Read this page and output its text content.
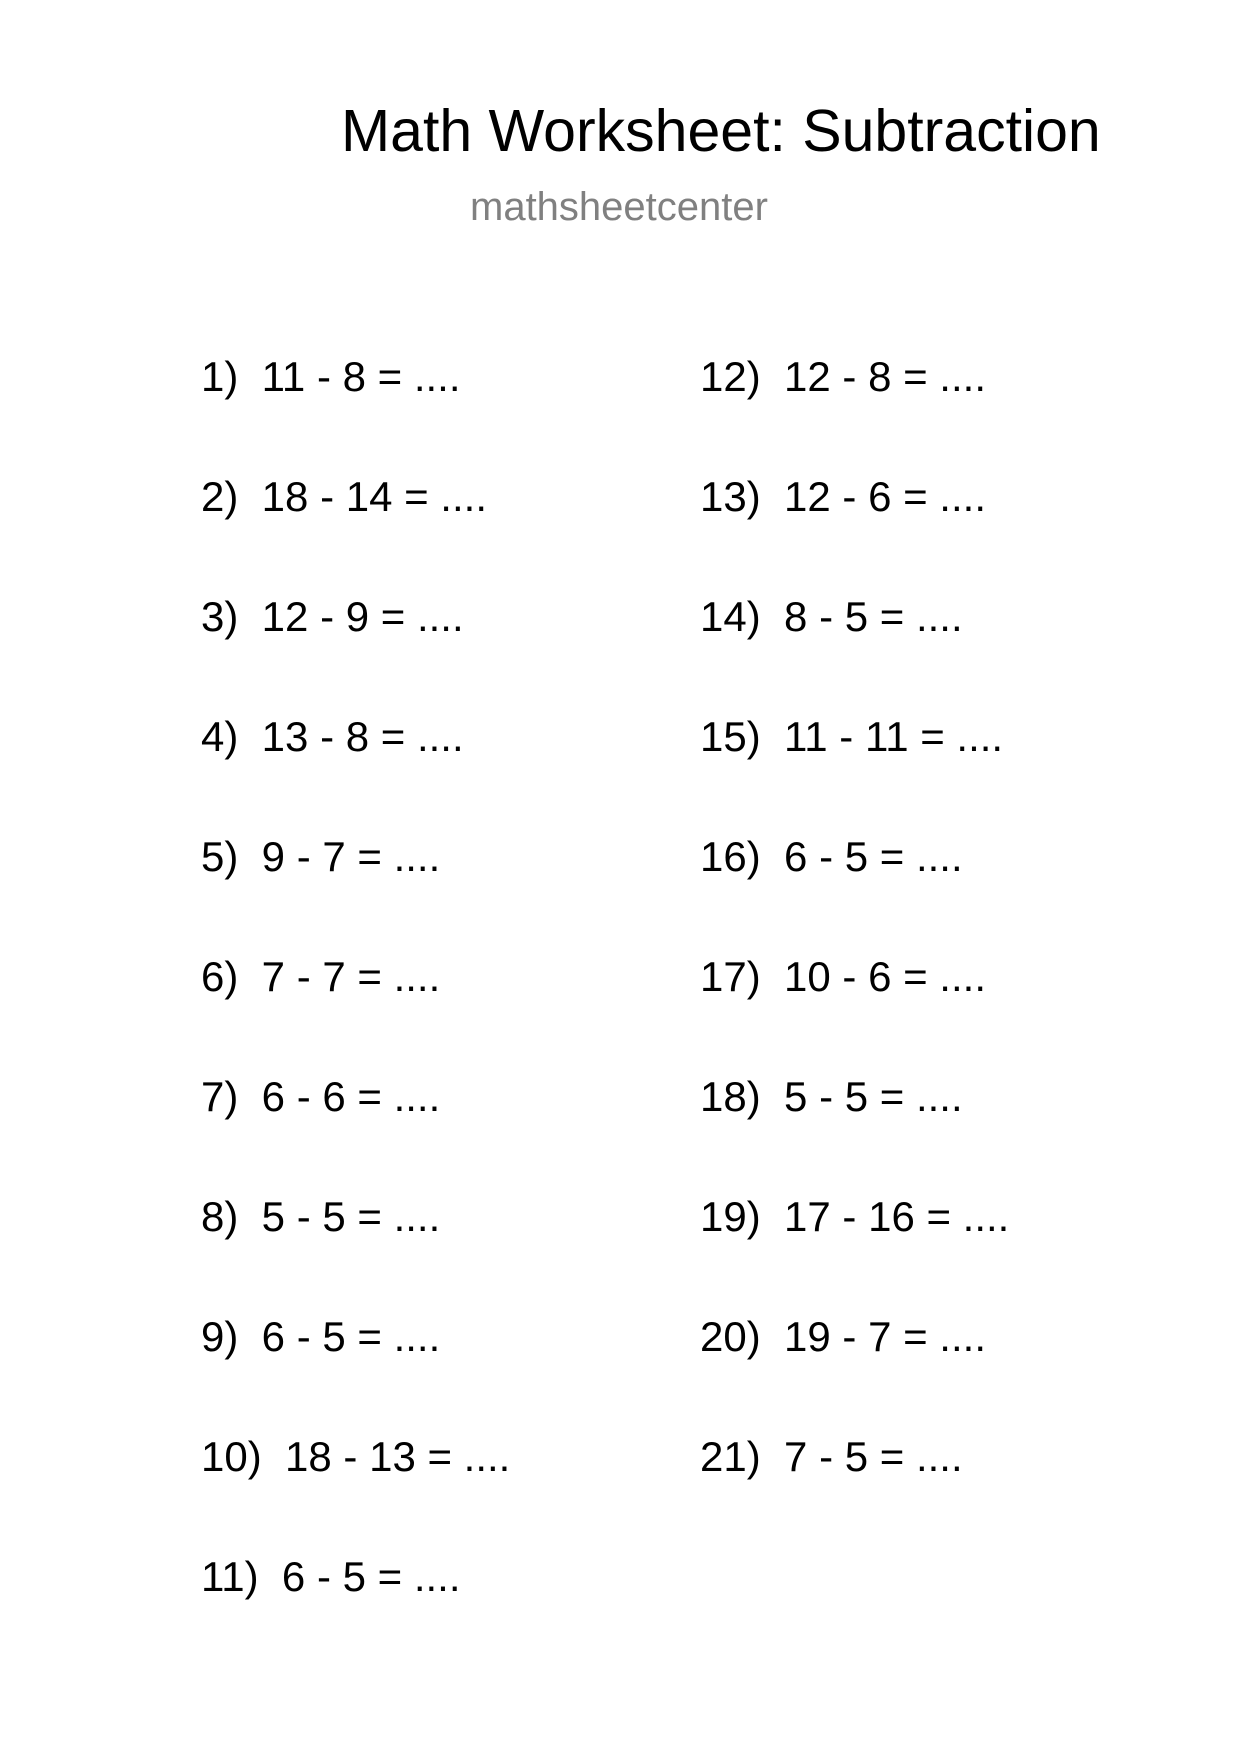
Math Worksheet: Subtraction
mathsheetcenter
1)  11 - 8 = ....
2)  18 - 14 = ....
3)  12 - 9 = ....
4)  13 - 8 = ....
5)  9 - 7 = ....
6)  7 - 7 = ....
7)  6 - 6 = ....
8)  5 - 5 = ....
9)  6 - 5 = ....
10)  18 - 13 = ....
11)  6 - 5 = ....
12)  12 - 8 = ....
13)  12 - 6 = ....
14)  8 - 5 = ....
15)  11 - 11 = ....
16)  6 - 5 = ....
17)  10 - 6 = ....
18)  5 - 5 = ....
19)  17 - 16 = ....
20)  19 - 7 = ....
21)  7 - 5 = ....
